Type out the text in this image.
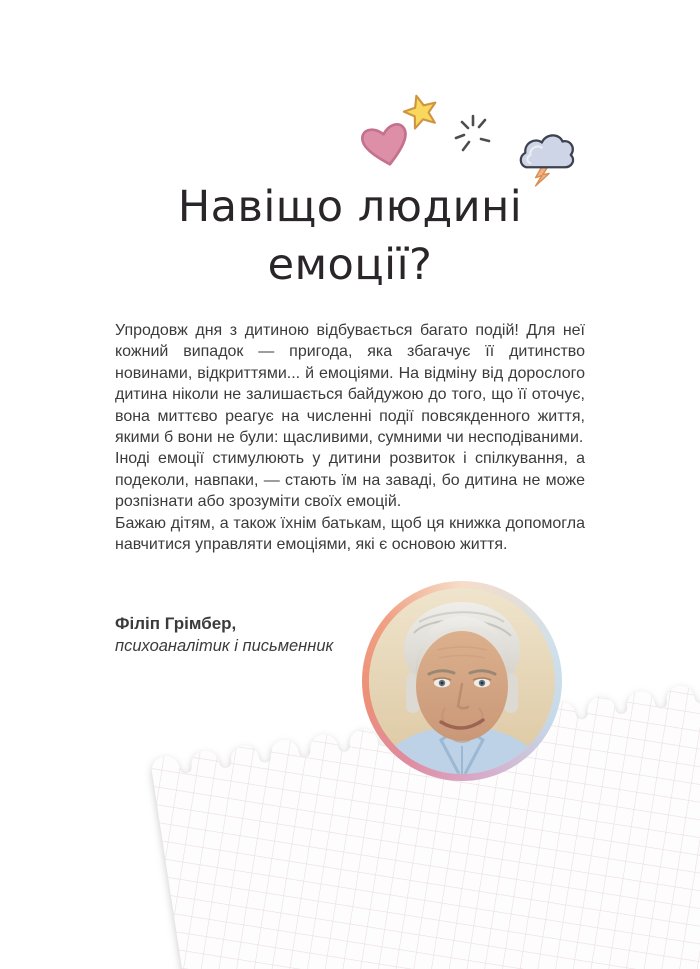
Навіщо людині
емоції?

Упродовж дня з дитиною відбувається багато подій! Для неї кожний випадок — пригода, яка збагачує її дитинство новинами, відкриттями... й емоціями. На відміну від дорослого дитина ніколи не залишається байдужою до того, що її оточує, вона миттєво реагує на численні події повсякденного життя, якими б вони не були: щасливими, сумними чи несподіваними.

Іноді емоції стимулюють у дитини розвиток і спілкування, а подеколи, навпаки, — стають їм на заваді, бо дитина не може розпізнати або зрозуміти своїх емоцій.

Бажаю дітям, а також їхнім батькам, щоб ця книжка допомогла навчитися управляти емоціями, які є основою життя.

Філіп Грімбер,
психоаналітик і письменник
